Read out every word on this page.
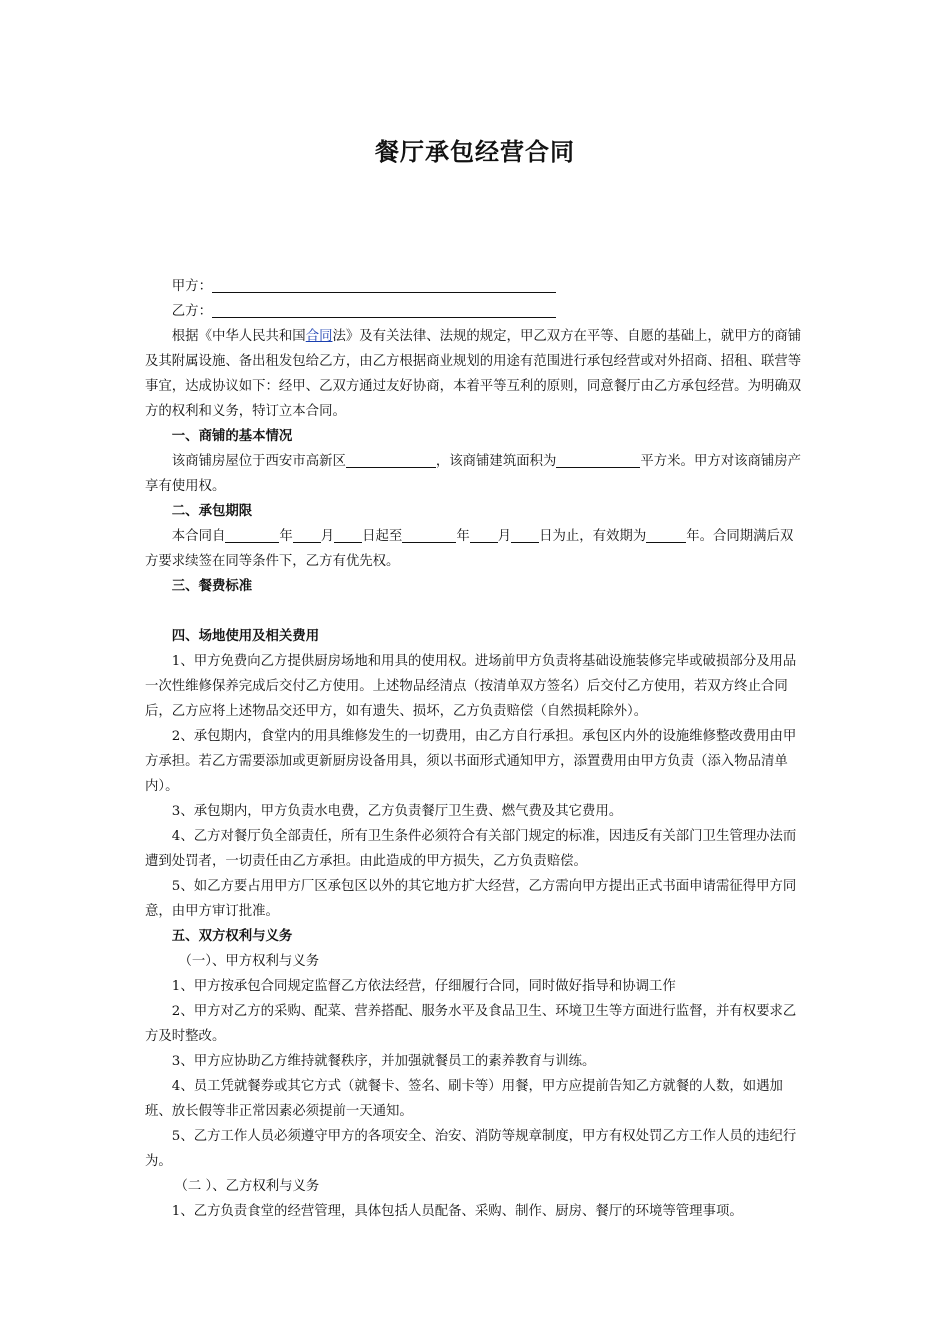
餐厅承包经营合同

甲方：

乙方：

根据《中华人民共和国合同法》及有关法律、法规的规定，甲乙双方在平等、自愿的基础上，就甲方的商铺及其附属设施、备出租发包给乙方，由乙方根据商业规划的用途有范围进行承包经营或对外招商、招租、联营等事宜，达成协议如下：经甲、乙双方通过友好协商，本着平等互利的原则，同意餐厅由乙方承包经营。为明确双方的权利和义务，特订立本合同。

一、商铺的基本情况

该商铺房屋位于西安市高新区	，该商铺建筑面积为	平方米。甲方对该商铺房产享有使用权。

二、承包期限

本合同自	年 月 日起至	年 月 日为止，有效期为	年。合同期满后双方要求续签在同等条件下，乙方有优先权。

三、餐费标准

四、场地使用及相关费用

1、甲方免费向乙方提供厨房场地和用具的使用权。进场前甲方负责将基础设施装修完毕或破损部分及用品一次性维修保养完成后交付乙方使用。上述物品经清点（按清单双方签名）后交付乙方使用，若双方终止合同后，乙方应将上述物品交还甲方，如有遗失、损坏，乙方负责赔偿（自然损耗除外）。

2、承包期内，食堂内的用具维修发生的一切费用，由乙方自行承担。承包区内外的设施维修整改费用由甲方承担。若乙方需要添加或更新厨房设备用具，须以书面形式通知甲方，添置费用由甲方负责（添入物品清单内）。

3、承包期内，甲方负责水电费，乙方负责餐厅卫生费、燃气费及其它费用。

4、乙方对餐厅负全部责任，所有卫生条件必须符合有关部门规定的标准，因违反有关部门卫生管理办法而遭到处罚者，一切责任由乙方承担。由此造成的甲方损失，乙方负责赔偿。

5、如乙方要占用甲方厂区承包区以外的其它地方扩大经营，乙方需向甲方提出正式书面申请需征得甲方同意，由甲方审订批准。

五、双方权利与义务

（一）、甲方权利与义务

1、甲方按承包合同规定监督乙方依法经营，仔细履行合同，同时做好指导和协调工作

2、甲方对乙方的采购、配菜、营养搭配、服务水平及食品卫生、环境卫生等方面进行监督，并有权要求乙方及时整改。

3、甲方应协助乙方维持就餐秩序，并加强就餐员工的素养教育与训练。

4、员工凭就餐券或其它方式（就餐卡、签名、刷卡等）用餐，甲方应提前告知乙方就餐的人数，如遇加班、放长假等非正常因素必须提前一天通知。

5、乙方工作人员必须遵守甲方的各项安全、治安、消防等规章制度，甲方有权处罚乙方工作人员的违纪行为。

（二 ）、乙方权利与义务

1、乙方负责食堂的经营管理，具体包括人员配备、采购、制作、厨房、餐厅的环境等管理事项。
